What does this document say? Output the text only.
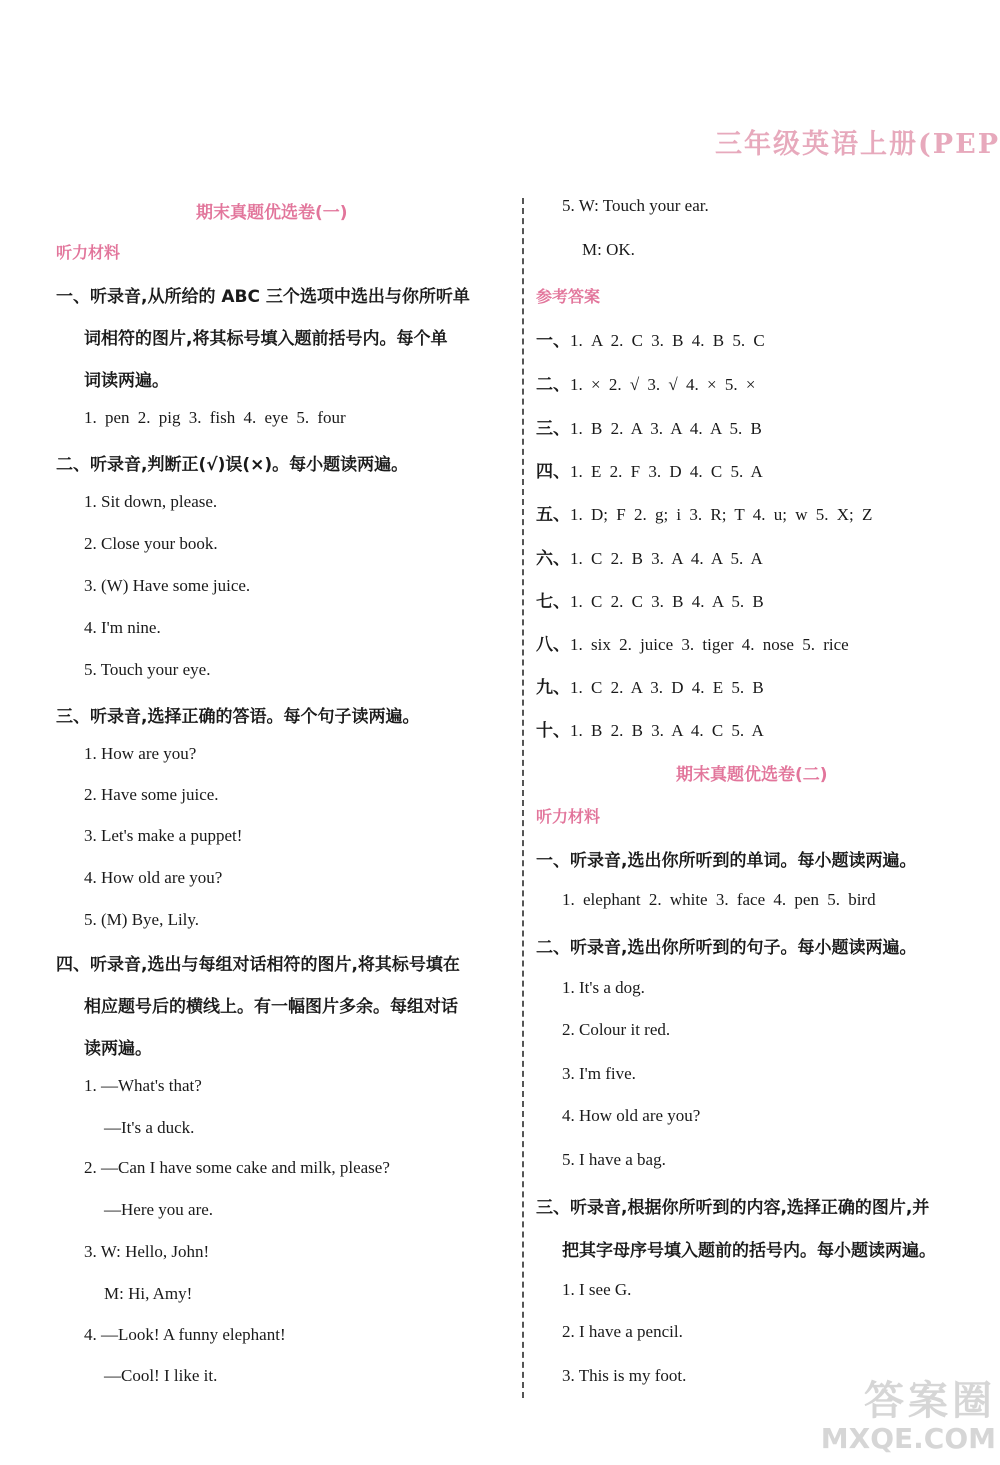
三年级英语上册(PEP
期末真题优选卷(一)
听力材料
一、听录音,从所给的 ABC 三个选项中选出与你所听单
词相符的图片,将其标号填入题前括号内。每个单
词读两遍。
1. pen 2. pig 3. fish 4. eye 5. four
二、听录音,判断正(√)误(×)。每小题读两遍。
1. Sit down, please.
2. Close your book.
3. (W) Have some juice.
4. I'm nine.
5. Touch your eye.
三、听录音,选择正确的答语。每个句子读两遍。
1. How are you?
2. Have some juice.
3. Let's make a puppet!
4. How old are you?
5. (M) Bye, Lily.
四、听录音,选出与每组对话相符的图片,将其标号填在
相应题号后的横线上。有一幅图片多余。每组对话
读两遍。
1. —What's that?
—It's a duck.
2. —Can I have some cake and milk, please?
—Here you are.
3. W: Hello, John!
M: Hi, Amy!
4. —Look! A funny elephant!
—Cool! I like it.
5. W: Touch your ear.
M: OK.
参考答案
一、1. A 2. C 3. B 4. B 5. C
二、1. × 2. √ 3. √ 4. × 5. ×
三、1. B 2. A 3. A 4. A 5. B
四、1. E 2. F 3. D 4. C 5. A
五、1. D; F 2. g; i 3. R; T 4. u; w 5. X; Z
六、1. C 2. B 3. A 4. A 5. A
七、1. C 2. C 3. B 4. A 5. B
八、1. six 2. juice 3. tiger 4. nose 5. rice
九、1. C 2. A 3. D 4. E 5. B
十、1. B 2. B 3. A 4. C 5. A
期末真题优选卷(二)
听力材料
一、听录音,选出你所听到的单词。每小题读两遍。
1. elephant 2. white 3. face 4. pen 5. bird
二、听录音,选出你所听到的句子。每小题读两遍。
1. It's a dog.
2. Colour it red.
3. I'm five.
4. How old are you?
5. I have a bag.
三、听录音,根据你所听到的内容,选择正确的图片,并
把其字母序号填入题前的括号内。每小题读两遍。
1. I see G.
2. I have a pencil.
3. This is my foot.
答案圈
MXQE.COM
